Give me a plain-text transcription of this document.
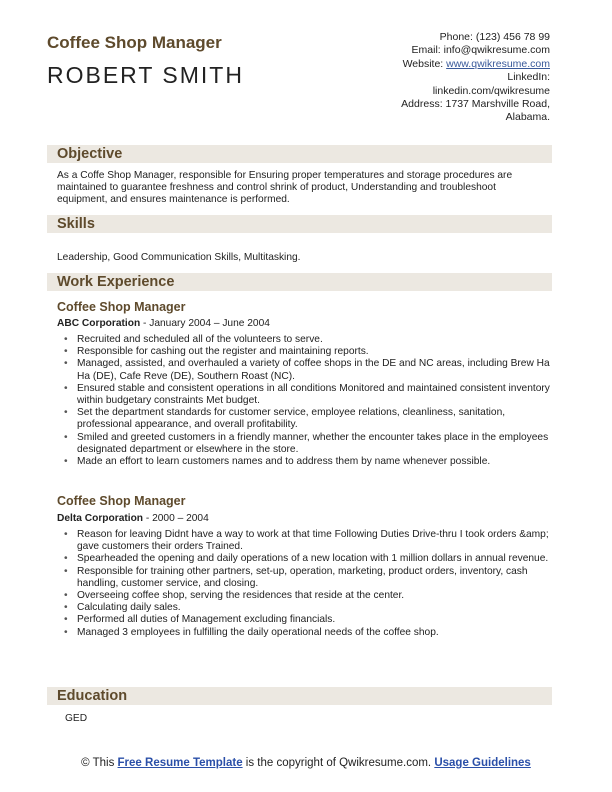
Coffee Shop Manager
ROBERT SMITH
Phone: (123) 456 78 99
Email: info@qwikresume.com
Website: www.qwikresume.com
LinkedIn:
linkedin.com/qwikresume
Address: 1737 Marshville Road,
Alabama.
Objective
As a Coffe Shop Manager, responsible for Ensuring proper temperatures and storage procedures are maintained to guarantee freshness and control shrink of product, Understanding and troubleshoot equipment, and ensures maintenance is performed.
Skills
Leadership, Good Communication Skills, Multitasking.
Work Experience
Coffee Shop Manager
ABC Corporation - January 2004 – June 2004
• Recruited and scheduled all of the volunteers to serve.
• Responsible for cashing out the register and maintaining reports.
• Managed, assisted, and overhauled a variety of coffee shops in the DE and NC areas, including Brew Ha Ha (DE), Cafe Reve (DE), Southern Roast (NC).
• Ensured stable and consistent operations in all conditions Monitored and maintained consistent inventory within budgetary constraints Met budget.
• Set the department standards for customer service, employee relations, cleanliness, sanitation, professional appearance, and overall profitability.
• Smiled and greeted customers in a friendly manner, whether the encounter takes place in the employees designated department or elsewhere in the store.
• Made an effort to learn customers names and to address them by name whenever possible.
Coffee Shop Manager
Delta Corporation - 2000 – 2004
• Reason for leaving Didnt have a way to work at that time Following Duties Drive-thru I took orders &amp; gave customers their orders Trained.
• Spearheaded the opening and daily operations of a new location with 1 million dollars in annual revenue.
• Responsible for training other partners, set-up, operation, marketing, product orders, inventory, cash handling, customer service, and closing.
• Overseeing coffee shop, serving the residences that reside at the center.
• Calculating daily sales.
• Performed all duties of Management excluding financials.
• Managed 3 employees in fulfilling the daily operational needs of the coffee shop.
Education
GED
© This Free Resume Template is the copyright of Qwikresume.com. Usage Guidelines
